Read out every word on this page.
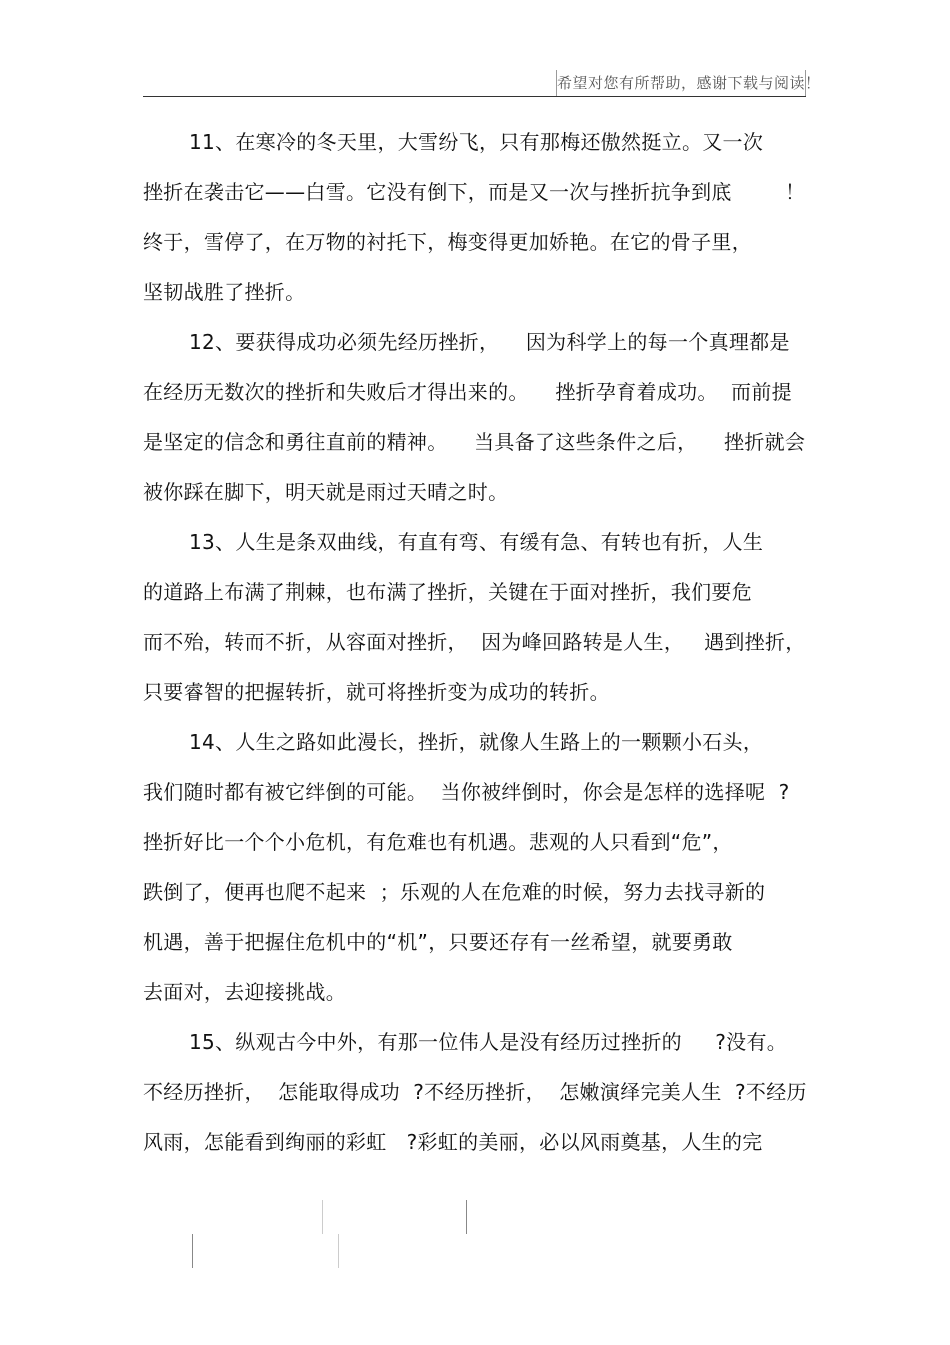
希望对您有所帮助，感谢下载与阅读！
11、在寒冷的冬天里，大雪纷飞，只有那梅还傲然挺立。又一次
挫折在袭击它——白雪。它没有倒下，而是又一次与挫折抗争到底        ！
终于，雪停了，在万物的衬托下，梅变得更加娇艳。在它的骨子里，
坚韧战胜了挫折。
12、要获得成功必须先经历挫折，    因为科学上的每一个真理都是
在经历无数次的挫折和失败后才得出来的。    挫折孕育着成功。  而前提
是坚定的信念和勇往直前的精神。    当具备了这些条件之后，    挫折就会
被你踩在脚下，明天就是雨过天晴之时。
13、人生是条双曲线，有直有弯、有缓有急、有转也有折，人生
的道路上布满了荆棘，也布满了挫折，关键在于面对挫折，我们要危
而不殆，转而不折，从容面对挫折，  因为峰回路转是人生，   遇到挫折，
只要睿智的把握转折，就可将挫折变为成功的转折。
14、人生之路如此漫长，挫折，就像人生路上的一颗颗小石头，
我们随时都有被它绊倒的可能。  当你被绊倒时，你会是怎样的选择呢  ?
挫折好比一个个小危机，有危难也有机遇。悲观的人只看到“危”，
跌倒了，便再也爬不起来  ；乐观的人在危难的时候，努力去找寻新的
机遇，善于把握住危机中的“机”，只要还存有一丝希望，就要勇敢
去面对，去迎接挑战。
15、纵观古今中外，有那一位伟人是没有经历过挫折的     ?没有。
不经历挫折，  怎能取得成功  ?不经历挫折，  怎嫩演绎完美人生  ?不经历
风雨，怎能看到绚丽的彩虹   ?彩虹的美丽，必以风雨奠基，人生的完
